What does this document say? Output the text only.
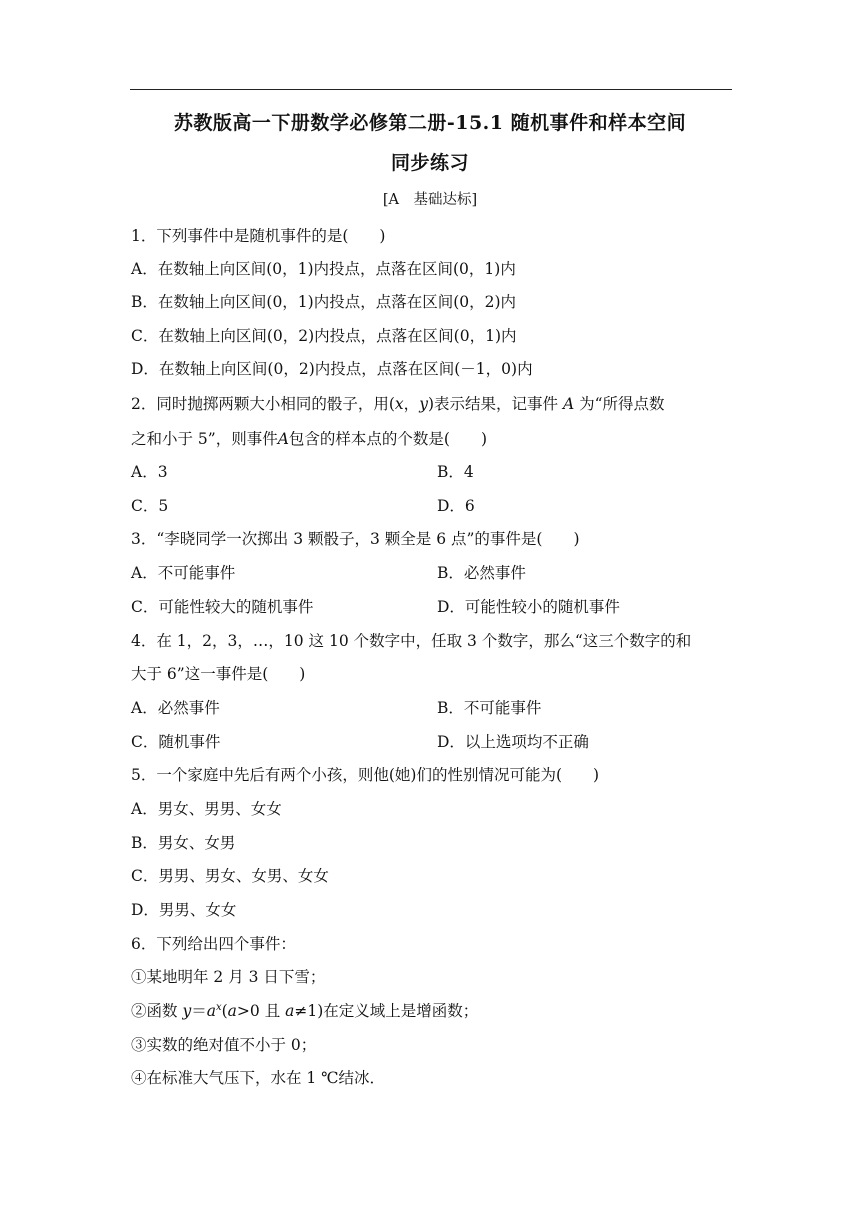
苏教版高一下册数学必修第二册-15.1 随机事件和样本空间
同步练习
[A　基础达标]
1．下列事件中是随机事件的是(　　)
A．在数轴上向区间(0，1)内投点，点落在区间(0，1)内
B．在数轴上向区间(0，1)内投点，点落在区间(0，2)内
C．在数轴上向区间(0，2)内投点，点落在区间(0，1)内
D．在数轴上向区间(0，2)内投点，点落在区间(－1，0)内
2．同时抛掷两颗大小相同的骰子，用(x，y)表示结果，记事件 A 为“所得点数
之和小于 5”，则事件A包含的样本点的个数是(　　)
A．3	B．4
C．5	D．6
3．“李晓同学一次掷出 3 颗骰子，3 颗全是 6 点”的事件是(　　)
A．不可能事件	B．必然事件
C．可能性较大的随机事件	D．可能性较小的随机事件
4．在 1，2，3，…，10 这 10 个数字中，任取 3 个数字，那么“这三个数字的和
大于 6”这一事件是(　　)
A．必然事件	B．不可能事件
C．随机事件	D．以上选项均不正确
5．一个家庭中先后有两个小孩，则他(她)们的性别情况可能为(　　)
A．男女、男男、女女
B．男女、女男
C．男男、男女、女男、女女
D．男男、女女
6．下列给出四个事件：
①某地明年 2 月 3 日下雪；
②函数 $y=a^x(a>0$ 且 a≠1)在定义域上是增函数；
③实数的绝对值不小于 0；
④在标准大气压下，水在 1 ℃结冰．
